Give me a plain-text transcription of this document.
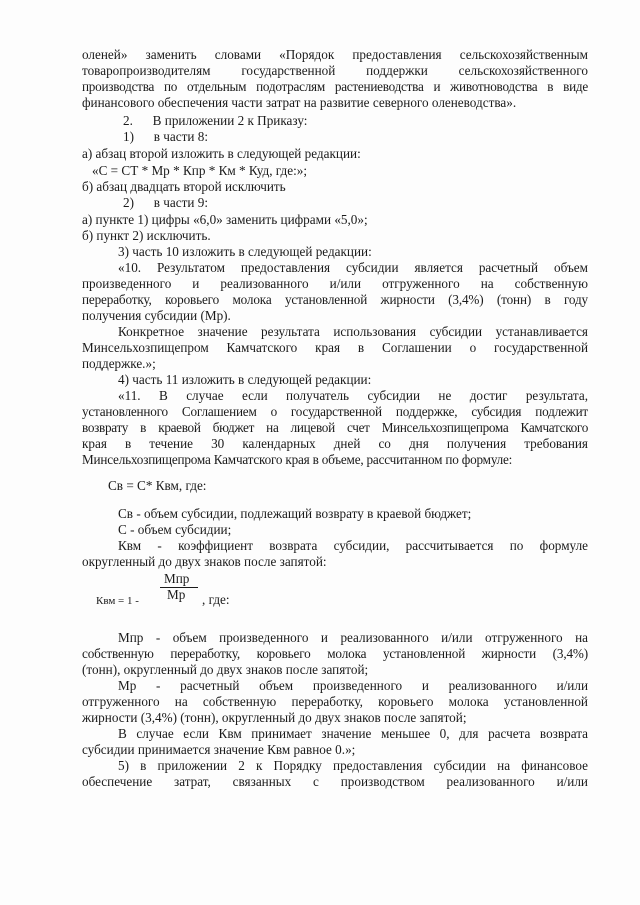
оленей» заменить словами «Порядок предоставления сельскохозяйственным
товаропроизводителям государственной поддержки сельскохозяйственного
производства по отдельным подотраслям растениеводства и животноводства в виде
финансового обеспечения части затрат на развитие северного оленеводства».
2.      В приложении 2 к Приказу:
1)      в части 8:
а) абзац второй изложить в следующей редакции:
«С = СТ * Мр * Кпр * Км * Куд, где:»;
б) абзац двадцать второй исключить
2)      в части 9:
а) пункте 1) цифры «6,0» заменить цифрами «5,0»;
б) пункт 2) исключить.
3) часть 10 изложить в следующей редакции:
«10. Результатом предоставления субсидии является расчетный объем
произведенного и реализованного и/или отгруженного на собственную
переработку, коровьего молока установленной жирности (3,4%) (тонн) в году
получения субсидии (Мр).
Конкретное значение результата использования субсидии устанавливается
Минсельхозпищепром Камчатского края в Соглашении о государственной
поддержке.»;
4) часть 11 изложить в следующей редакции:
«11. В случае если получатель субсидии не достиг результата,
установленного Соглашением о государственной поддержке, субсидия подлежит
возврату в краевой бюджет на лицевой счет Минсельхозпищепрома Камчатского
края в течение 30 календарных дней со дня получения требования
Минсельхозпищепрома Камчатского края в объеме, рассчитанном по формуле:
Св = С* Квм, где:
Св - объем субсидии, подлежащий возврату в краевой бюджет;
С - объем субсидии;
Квм - коэффициент возврата субсидии, рассчитывается по формуле
округленный до двух знаков после запятой:
Мпр
Мр
Квм = 1 -	, где:
Мпр - объем произведенного и реализованного и/или отгруженного на
собственную переработку, коровьего молока установленной жирности (3,4%)
(тонн), округленный до двух знаков после запятой;
Мр - расчетный объем произведенного и реализованного и/или
отгруженного на собственную переработку, коровьего молока установленной
жирности (3,4%) (тонн), округленный до двух знаков после запятой;
В случае если Квм принимает значение меньшее 0, для расчета возврата
субсидии принимается значение Квм равное 0.»;
5) в приложении 2 к Порядку предоставления субсидии на финансовое
обеспечение затрат, связанных с производством реализованного и/или
